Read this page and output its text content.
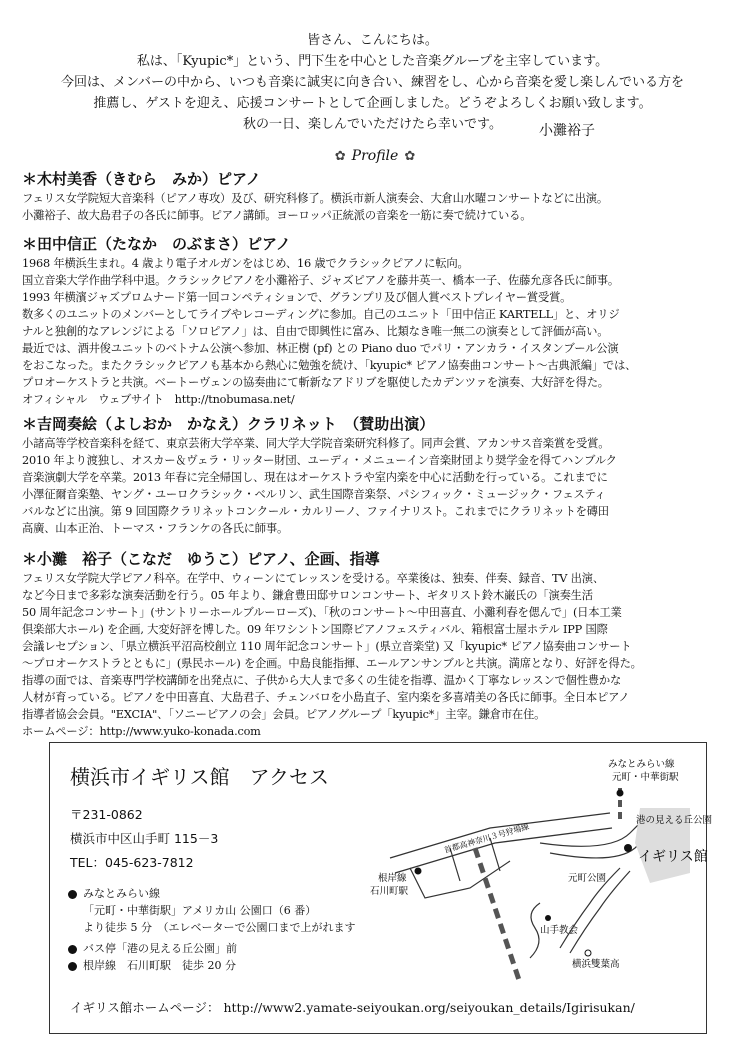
皆さん、こんにちは。
私は、「Kyupic*」という、門下生を中心とした音楽グループを主宰しています。
今回は、メンバーの中から、いつも音楽に誠実に向き合い、練習をし、心から音楽を愛し楽しんでいる方を
推薦し、ゲストを迎え、応援コンサートとして企画しました。どうぞよろしくお願い致します。
秋の一日、楽しんでいただけたら幸いです。	小灘裕子
✿ Profile ✿
＊木村美香（きむら　みか）ピアノ

フェリス女学院短大音楽科（ピアノ専攻）及び、研究科修了。横浜市新人演奏会、大倉山水曜コンサートなどに出演。

小灘裕子、故大島君子の各氏に師事。ピアノ講師。ヨーロッパ正統派の音楽を一筋に奏で続けている。

＊田中信正（たなか　のぶまさ）ピアノ

1968 年横浜生まれ。4 歳より電子オルガンをはじめ、16 歳でクラシックピアノに転向。

国立音楽大学作曲学科中退。クラシックピアノを小灘裕子、ジャズピアノを藤井英一、橋本一子、佐藤允彦各氏に師事。

1993 年横濱ジャズプロムナード第一回コンペティションで、グランプリ及び個人賞ベストプレイヤー賞受賞。

数多くのユニットのメンバーとしてライブやレコーディングに参加。自己のユニット「田中信正 KARTELL」と、オリジ

ナルと独創的なアレンジによる「ソロピアノ」は、自由で即興性に富み、比類なき唯一無二の演奏として評価が高い。

最近では、酒井俊ユニットのベトナム公演へ参加、林正樹 (pf) との Piano duo でパリ・アンカラ・イスタンブール公演

をおこなった。またクラシックピアノも基本から熱心に勉強を続け、「kyupic* ピアノ協奏曲コンサート～古典派編」では、

プロオーケストラと共演。ベートーヴェンの協奏曲にて斬新なアドリブを駆使したカデンツァを演奏、大好評を得た。

オフィシャル　ウェブサイト　http://tnobumasa.net/

＊吉岡奏絵（よしおか　かなえ）クラリネット　（賛助出演）

小諸高等学校音楽科を経て、東京芸術大学卒業、同大学大学院音楽研究科修了。同声会賞、アカンサス音楽賞を受賞。

2010 年より渡独し、オスカー＆ヴェラ・リッター財団、ユーディ・メニューイン音楽財団より奨学金を得てハンブルク

音楽演劇大学を卒業。2013 年春に完全帰国し、現在はオーケストラや室内楽を中心に活動を行っている。これまでに

小澤征爾音楽塾、ヤング・ユーロクラシック・ベルリン、武生国際音楽祭、パシフィック・ミュージック・フェスティ

バルなどに出演。第 9 回国際クラリネットコンクール・カルリーノ、ファイナリスト。これまでにクラリネットを磚田

高廣、山本正治、トーマス・フランケの各氏に師事。

＊小灘　裕子（こなだ　ゆうこ）ピアノ、企画、指導

フェリス女学院大学ピアノ科卒。在学中、ウィーンにてレッスンを受ける。卒業後は、独奏、伴奏、録音、TV 出演、

など今日まで多彩な演奏活動を行う。05 年より、鎌倉豊田邸サロンコンサート、ギタリスト鈴木巌氏の「演奏生活

50 周年記念コンサート」(サントリーホールブルーローズ)、「秋のコンサート～中田喜直、小灘利春を偲んで」(日本工業

倶楽部大ホール) を企画, 大変好評を博した。09 年ワシントン国際ピアノフェスティバル、箱根富士屋ホテル IPP 国際

会議レセプション、「県立横浜平沼高校創立 110 周年記念コンサート」(県立音楽堂) 又「kyupic* ピアノ協奏曲コンサート

～プロオーケストラとともに」(県民ホール) を企画。中島良能指揮、エールアンサンブルと共演。満席となり、好評を得た。

指導の面では、音楽専門学校講師を出発点に、子供から大人まで多くの生徒を指導、温かく丁寧なレッスンで個性豊かな

人材が育っている。ピアノを中田喜直、大島君子、チェンバロを小島直子、室内楽を多喜靖美の各氏に師事。全日本ピアノ

指導者協会会員。"EXCIA"、「ソニーピアノの会」会員。ピアノグループ「kyupic*」主宰。鎌倉市在住。

ホームページ：http://www.yuko-konada.com

横浜市イギリス館　アクセス
〒231-0862
横浜市中区山手町 115－3
TEL：045-623-7812
みなとみらい線
「元町・中華街駅」アメリカ山 公園口（6 番）
より徒歩 5 分　（エレベーターで公園口まで上がれます
バス停「港の見える丘公園」前
根岸線　石川町駅　徒歩 20 分
イギリス館ホームページ： http://www2.yamate-seiyoukan.org/seiyoukan_details/Igirisukan/
みなとみらい線
元町・中華街駅
首都高神奈川３号狩場線
港の見える丘公園
イギリス館
根岸線
石川町駅
元町公園
山手教会
横浜雙葉高
